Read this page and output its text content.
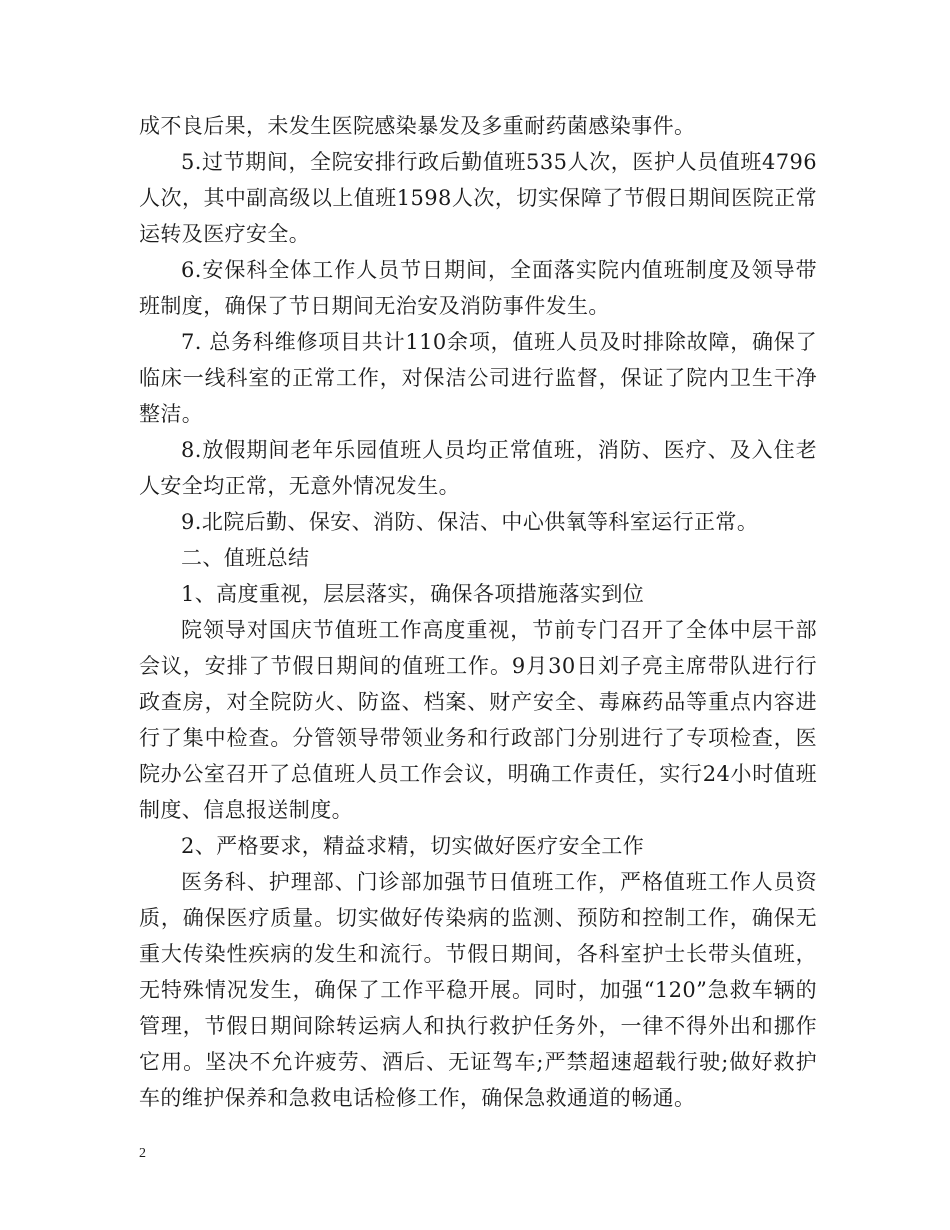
成不良后果，未发生医院感染暴发及多重耐药菌感染事件。

5.过节期间，全院安排行政后勤值班535人次，医护人员值班4796人次，其中副高级以上值班1598人次，切实保障了节假日期间医院正常运转及医疗安全。

6.安保科全体工作人员节日期间，全面落实院内值班制度及领导带班制度，确保了节日期间无治安及消防事件发生。

7. 总务科维修项目共计110余项，值班人员及时排除故障，确保了临床一线科室的正常工作，对保洁公司进行监督，保证了院内卫生干净整洁。

8.放假期间老年乐园值班人员均正常值班，消防、医疗、及入住老人安全均正常，无意外情况发生。

9.北院后勤、保安、消防、保洁、中心供氧等科室运行正常。

二、值班总结

1、高度重视，层层落实，确保各项措施落实到位

院领导对国庆节值班工作高度重视，节前专门召开了全体中层干部会议，安排了节假日期间的值班工作。9月30日刘子亮主席带队进行行政查房，对全院防火、防盗、档案、财产安全、毒麻药品等重点内容进行了集中检查。分管领导带领业务和行政部门分别进行了专项检查，医院办公室召开了总值班人员工作会议，明确工作责任，实行24小时值班制度、信息报送制度。

2、严格要求，精益求精，切实做好医疗安全工作

医务科、护理部、门诊部加强节日值班工作，严格值班工作人员资质，确保医疗质量。切实做好传染病的监测、预防和控制工作，确保无重大传染性疾病的发生和流行。节假日期间，各科室护士长带头值班，无特殊情况发生，确保了工作平稳开展。同时，加强“120”急救车辆的管理，节假日期间除转运病人和执行救护任务外，一律不得外出和挪作它用。坚决不允许疲劳、酒后、无证驾车;严禁超速超载行驶;做好救护车的维护保养和急救电话检修工作，确保急救通道的畅通。

2
